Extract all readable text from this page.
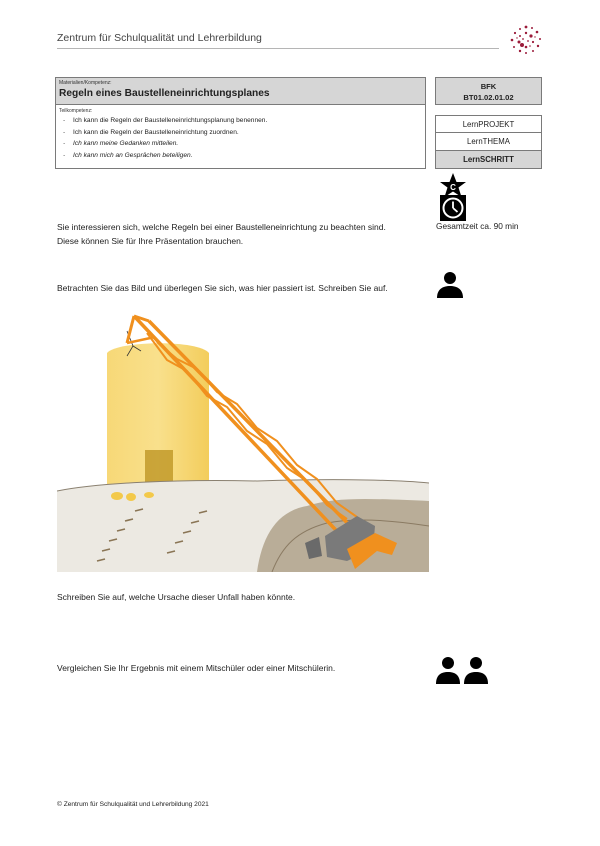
Zentrum für Schulqualität und Lehrerbildung
Materialien/Kompetenz:
Regeln eines Baustelleneinrichtungsplanes
Teilkompetenz:
- Ich kann die Regeln der Baustelleneinrichtungsplanung benennen.
- Ich kann die Regeln der Baustelleneinrichtung zuordnen.
- Ich kann meine Gedanken mitteilen.
- Ich kann mich an Gesprächen beteiligen.
BFK
BT01.02.01.02
LernPROJEKT
LernTHEMA
LernSCHRITT
C
Gesamtzeit ca. 90 min
Sie interessieren sich, welche Regeln bei einer Baustelleneinrichtung zu beachten sind.
Diese können Sie für Ihre Präsentation brauchen.
Betrachten Sie das Bild und überlegen Sie sich, was hier passiert ist. Schreiben Sie auf.
Schreiben Sie auf, welche Ursache dieser Unfall haben könnte.
Vergleichen Sie Ihr Ergebnis mit einem Mitschüler oder einer Mitschülerin.
© Zentrum für Schulqualität und Lehrerbildung 2021
